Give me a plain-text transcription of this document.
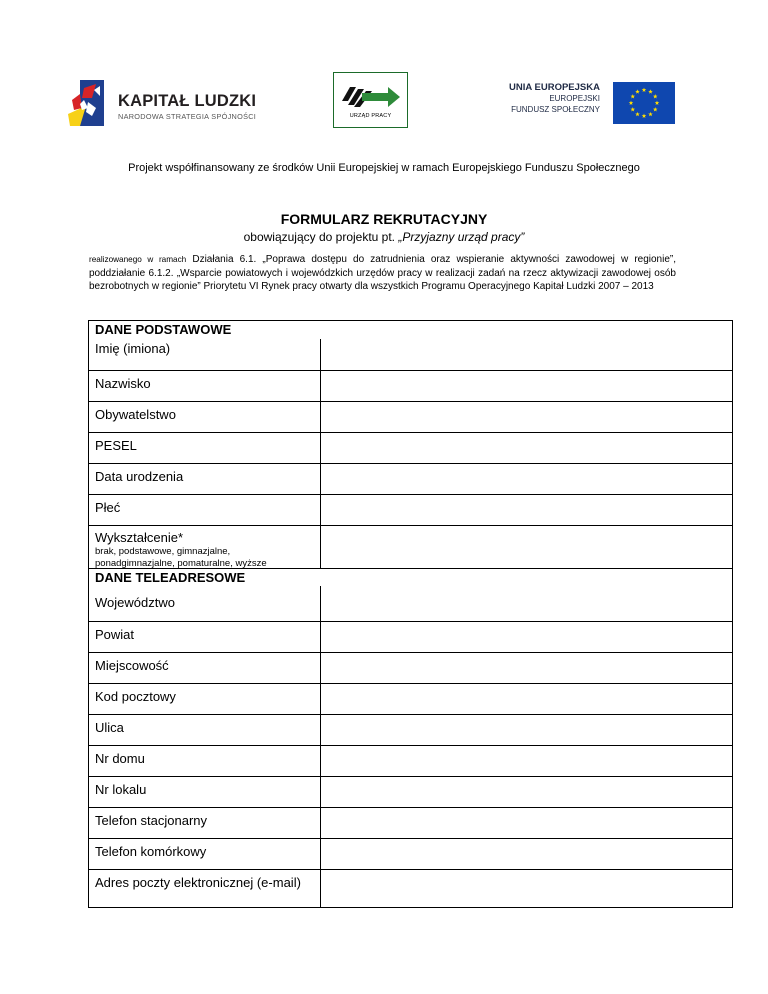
KAPITAŁ LUDZKI
NARODOWA STRATEGIA SPÓJNOŚCI	URZĄD PRACY
UNIA EUROPEJSKA
EUROPEJSKI
FUNDUSZ SPOŁECZNY
Projekt współfinansowany ze środków Unii Europejskiej w ramach Europejskiego Funduszu Społecznego
FORMULARZ REKRUTACYJNY
obowiązujący do projektu pt. „Przyjazny urząd pracy”
realizowanego w ramach Działania 6.1. „Poprawa dostępu do zatrudnienia oraz wspieranie aktywności zawodowej w regionie”, poddziałanie 6.1.2. „Wsparcie powiatowych i wojewódzkich urzędów pracy w realizacji zadań na rzecz aktywizacji zawodowej osób bezrobotnych w regionie” Priorytetu VI Rynek pracy otwarty dla wszystkich Programu Operacyjnego Kapitał Ludzki 2007 – 2013
DANE PODSTAWOWE
Imię (imiona)
Nazwisko
Obywatelstwo
PESEL
Data urodzenia
Płeć
Wykształcenie*
brak, podstawowe, gimnazjalne,
ponadgimnazjalne, pomaturalne, wyższe
DANE TELEADRESOWE
Województwo
Powiat
Miejscowość
Kod pocztowy
Ulica
Nr domu
Nr lokalu
Telefon stacjonarny
Telefon komórkowy
Adres poczty elektronicznej (e-mail)
